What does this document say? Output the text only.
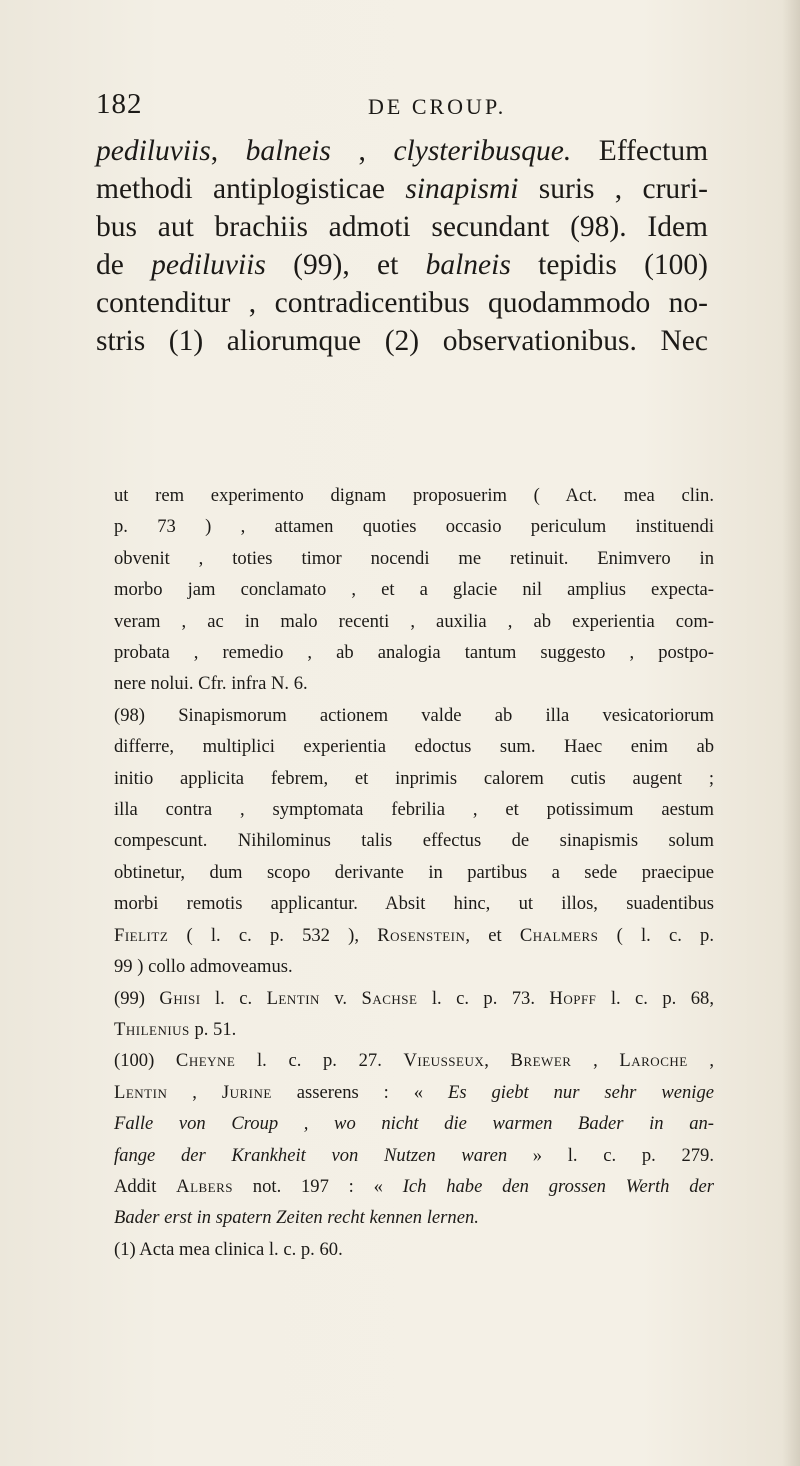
182	DE CROUP.
pediluviis, balneis , clysteribusque. Effectum
methodi antiplogisticae sinapismi suris , cruri-
bus aut brachiis admoti secundant (98). Idem
de pediluviis (99), et balneis tepidis (100)
contenditur , contradicentibus quodammodo no-
stris (1) aliorumque (2) observationibus. Nec
ut rem experimento dignam proposuerim ( Act. mea clin.
p. 73 ) , attamen quoties occasio periculum instituendi
obvenit , toties timor nocendi me retinuit. Enimvero in
morbo jam conclamato , et a glacie nil amplius expecta-
veram , ac in malo recenti , auxilia , ab experientia com-
probata , remedio , ab analogia tantum suggesto , postpo-
nere nolui. Cfr. infra N. 6.
(98) Sinapismorum actionem valde ab illa vesicatoriorum
differre, multiplici experientia edoctus sum. Haec enim ab
initio applicita febrem, et inprimis calorem cutis augent ;
illa contra , symptomata febrilia , et potissimum aestum
compescunt. Nihilominus talis effectus de sinapismis solum
obtinetur, dum scopo derivante in partibus a sede praecipue
morbi remotis applicantur. Absit hinc, ut illos, suadentibus
Fielitz ( l. c. p. 532 ), Rosenstein, et Chalmers ( l. c. p.
99 ) collo admoveamus.
(99) Ghisi l. c. Lentin v. Sachse l. c. p. 73. Hopff l. c. p. 68,
Thilenius p. 51.
(100) Cheyne l. c. p. 27. Vieusseux, Brewer , Laroche ,
Lentin , Jurine asserens : « Es giebt nur sehr wenige
Falle von Croup , wo nicht die warmen Bader in an-
fange der Krankheit von Nutzen waren » l. c. p. 279.
Addit Albers not. 197 : « Ich habe den grossen Werth der
Bader erst in spatern Zeiten recht kennen lernen.
(1) Acta mea clinica l. c. p. 60.
